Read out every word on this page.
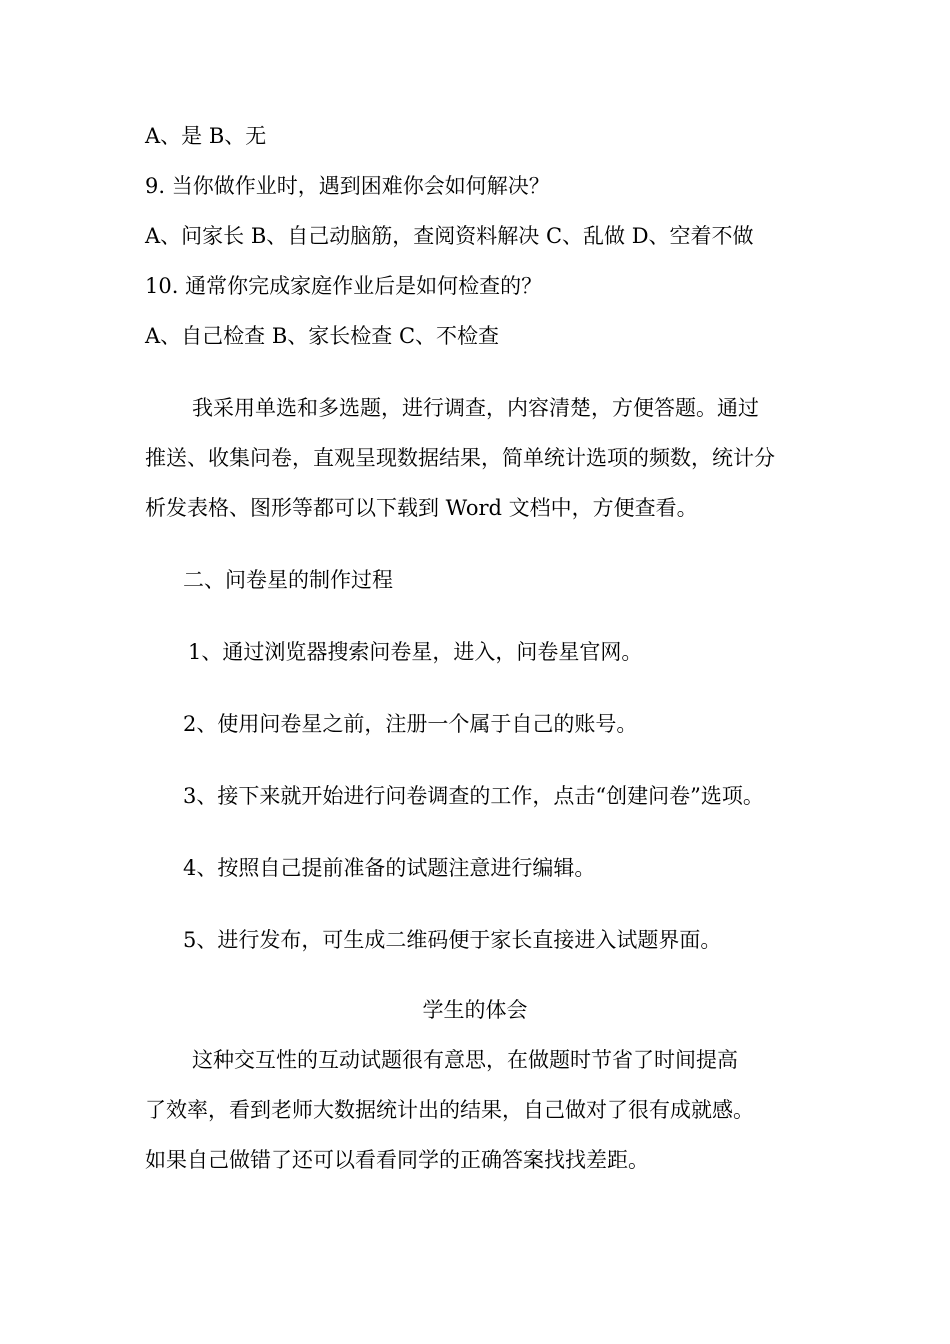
A、是 B、无
9. 当你做作业时，遇到困难你会如何解决？
A、问家长 B、自己动脑筋，查阅资料解决 C、乱做 D、空着不做
10. 通常你完成家庭作业后是如何检查的？
A、自己检查 B、家长检查 C、不检查
我采用单选和多选题，进行调查，内容清楚，方便答题。通过
推送、收集问卷，直观呈现数据结果，简单统计选项的频数，统计分
析发表格、图形等都可以下载到 Word 文档中，方便查看。
二、问卷星的制作过程
1、通过浏览器搜索问卷星，进入，问卷星官网。
2、使用问卷星之前，注册一个属于自己的账号。
3、接下来就开始进行问卷调查的工作，点击“创建问卷”选项。
4、按照自己提前准备的试题注意进行编辑。
5、进行发布，可生成二维码便于家长直接进入试题界面。
学生的体会
这种交互性的互动试题很有意思，在做题时节省了时间提高
了效率，看到老师大数据统计出的结果，自己做对了很有成就感。
如果自己做错了还可以看看同学的正确答案找找差距。
